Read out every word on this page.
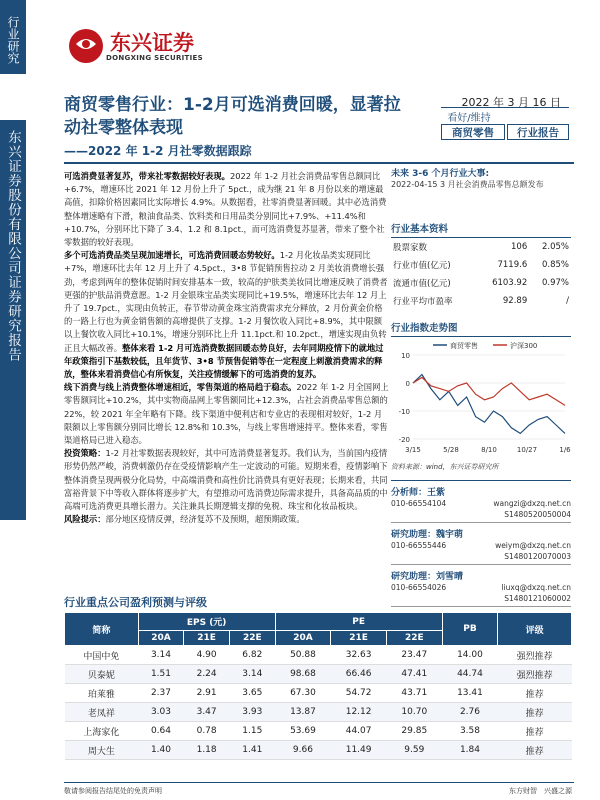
行业研究
东兴证券股份有限公司证券研究报告
东兴证券
DONGXING SECURITIES
商贸零售行业：1-2月可选消费回暖，显著拉动社零整体表现
——2022 年 1-2 月社零数据跟踪
2022 年 3 月 16 日
看好/维持
商贸零售	行业报告

可选消费显著复苏，带来社零数据较好表现。2022 年 1-2 月社会消费品零售总额同比+6.7%，增速环比 2021 年 12 月份上升了 5pct.，成为继 21 年 8 月份以来的增速最高值，扣除价格因素同比实际增长 4.9%。从数据看，社零消费显著回暖。其中必选消费整体增速略有下滑，粮油食品类、饮料类和日用品类分别同比+7.9%、+11.4%和+10.7%，分别环比下降了 3.4、1.2 和 8.1pct.，而可选消费复苏显著，带来了整个社零数据的较好表现。

多个可选消费品类呈现加速增长，可选消费回暖态势较好。1-2 月化妆品类实现同比+7%，增速环比去年 12 月上升了 4.5pct.，3•8 节促销预售拉动 2 月美妆消费增长强劲，考虑到两年的整体促销时间安排基本一致，较高的护肤类美妆同比增速反映了消费者更强的护肤品消费意愿。1-2 月金银珠宝品类实现同比+19.5%，增速环比去年 12 月上升了 19.7pct.，实现由负转正，春节带动黄金珠宝消费需求充分释放，2 月份黄金价格的一路上行也为黄金销售额的高增提供了支撑。1-2 月餐饮收入同比+8.9%，其中限额以上餐饮收入同比+10.1%，增速分别环比上升 11.1pct.和 10.2pct.，增速实现由负转正且大幅改善。整体来看 1-2 月可选消费数据回暖态势良好，去年同期疫情下的就地过年政策指引下基数较低，且年货节、3•8 节预售促销等在一定程度上刺激消费需求的释放，整体来看消费信心有所恢复，关注疫情缓解下的可选消费的复苏。

线下消费与线上消费整体增速相近，零售渠道的格局趋于稳态。2022 年 1-2 月全国网上零售额同比+10.2%，其中实物商品网上零售额同比+12.3%，占社会消费品零售总额的 22%，较 2021 年全年略有下降。线下渠道中便利店和专业店的表现相对较好，1-2 月限额以上零售额分别同比增长 12.8%和 10.3%，与线上零售增速持平。整体来看，零售渠道格局已进入稳态。

投资策略：1-2 月社零数据表现较好，其中可选消费显著复苏。我们认为，当前国内疫情形势仍然严峻，消费刺激仍存在受疫情影响产生一定波动的可能。短期来看，疫情影响下整体消费呈现两极分化局势，中高端消费和高性价比消费具有更好表现；长期来看，共同富裕背景下中等收入群体将逐步扩大，有望推动可选消费边际需求提升，具备高品质的中高端可选消费更具增长潜力。关注兼具长期逻辑支撑的免税、珠宝和化妆品板块。

风险提示：部分地区疫情反弹，经济复苏不及预期，超预期政策。

未来 3-6 个月行业大事:
2022-04-15 3 月社会消费品零售总额发布
行业基本资料
股票家数	106	2.05%
行业市值(亿元)	7119.6	0.85%
流通市值(亿元)	6103.92	0.97%
行业平均市盈率	92.89	/
行业指数走势图
商贸零售	沪深300
10
0
-10
-20
3/15	5/28	8/10	10/27	1/6
资料来源：wind，东兴证券研究所
分析师：王紫
010-66554104	wangzi@dxzq.net.cn
S1480520050004
研究助理：魏宇萌
010-66555446	weiym@dxzq.net.cn
S1480120070003
研究助理：刘雪晴
010-66554026	liuxq@dxzq.net.cn
S1480121060002
行业重点公司盈利预测与评级
简称	EPS (元)			PE			PB	评级
	20A	21E	22E	20A	21E	22E		
中国中免	3.14	4.90	6.82	50.88	32.63	23.47	14.00	强烈推荐
贝泰妮	1.51	2.24	3.14	98.68	66.46	47.41	44.74	强烈推荐
珀莱雅	2.37	2.91	3.65	67.30	54.72	43.71	13.41	推荐
老凤祥	3.03	3.47	3.93	13.87	12.12	10.70	2.76	推荐
上海家化	0.64	0.78	1.15	53.69	44.07	29.85	3.58	推荐
周大生	1.40	1.18	1.41	9.66	11.49	9.59	1.84	推荐
敬请参阅报告结尾处的免责声明	东方财智　兴盛之源
